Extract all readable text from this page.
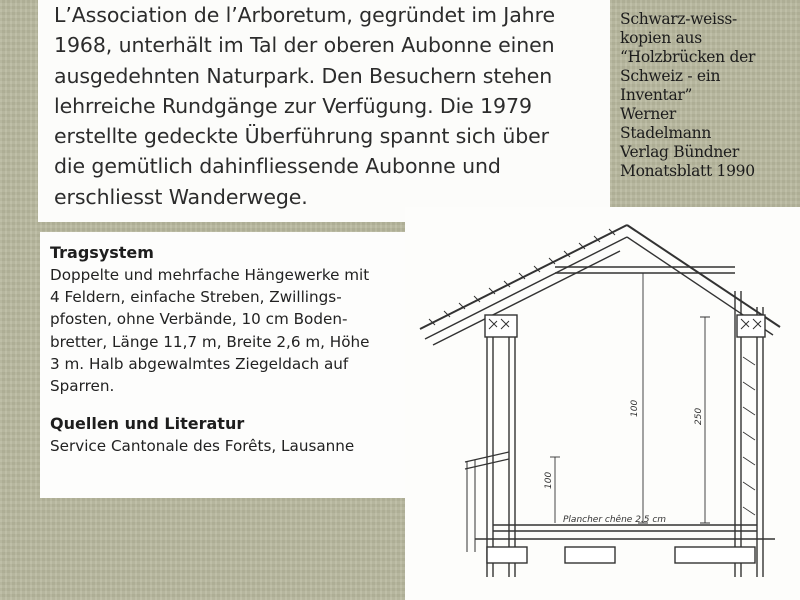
L’Association de l’Arboretum, gegründet im Jahre
1968, unterhält im Tal der oberen Aubonne einen
ausgedehnten Naturpark. Den Besuchern stehen
lehrreiche Rundgänge zur Verfügung. Die 1979
erstellte gedeckte Überführung spannt sich über
die gemütlich dahinfliessende Aubonne und
erschliesst Wanderwege.

Schwarz-weiss-
kopien aus
“Holzbrücken der
Schweiz - ein
Inventar”
Werner
Stadelmann
Verlag Bündner
Monatsblatt 1990
Tragsystem

Doppelte und mehrfache Hängewerke mit
4 Feldern, einfache Streben, Zwillings-
pfosten, ohne Verbände, 10 cm Boden-
bretter, Länge 11,7 m, Breite 2,6 m, Höhe
3 m. Halb abgewalmtes Ziegeldach auf
Sparren.

Quellen und Literatur

Service Cantonale des Forêts, Lausanne

100	250
100
Plancher chêne 2.5 cm
